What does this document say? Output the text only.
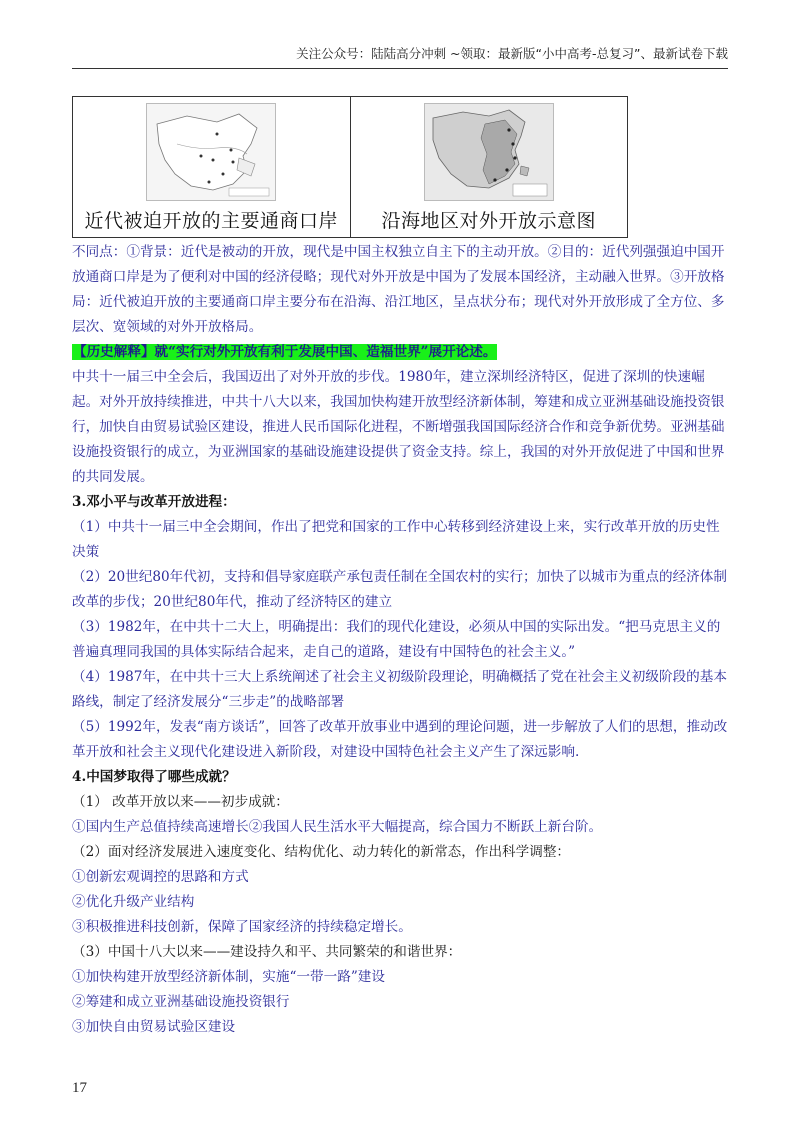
关注公众号：陆陆高分冲刺 ~领取：最新版“小中高考-总复习”、最新试卷下载
近代被迫开放的主要通商口岸	沿海地区对外开放示意图

不同点：①背景：近代是被动的开放，现代是中国主权独立自主下的主动开放。②目的：近代列强强迫中国开放通商口岸是为了便利对中国的经济侵略；现代对外开放是中国为了发展本国经济，主动融入世界。③开放格局：近代被迫开放的主要通商口岸主要分布在沿海、沿江地区，呈点状分布；现代对外开放形成了全方位、多层次、宽领域的对外开放格局。

【历史解释】就“实行对外开放有利于发展中国、造福世界”展开论述。

中共十一届三中全会后，我国迈出了对外开放的步伐。1980年，建立深圳经济特区，促进了深圳的快速崛起。对外开放持续推进，中共十八大以来，我国加快构建开放型经济新体制，筹建和成立亚洲基础设施投资银行，加快自由贸易试验区建设，推进人民币国际化进程，不断增强我国国际经济合作和竞争新优势。亚洲基础设施投资银行的成立，为亚洲国家的基础设施建设提供了资金支持。综上，我国的对外开放促进了中国和世界的共同发展。

3.邓小平与改革开放进程：

（1）中共十一届三中全会期间，作出了把党和国家的工作中心转移到经济建设上来，实行改革开放的历史性决策

（2）20世纪80年代初，支持和倡导家庭联产承包责任制在全国农村的实行；加快了以城市为重点的经济体制改革的步伐；20世纪80年代，推动了经济特区的建立

（3）1982年，在中共十二大上，明确提出：我们的现代化建设，必须从中国的实际出发。“把马克思主义的普遍真理同我国的具体实际结合起来，走自己的道路，建设有中国特色的社会主义。”

（4）1987年，在中共十三大上系统阐述了社会主义初级阶段理论，明确概括了党在社会主义初级阶段的基本路线，制定了经济发展分“三步走”的战略部署

（5）1992年，发表“南方谈话”，回答了改革开放事业中遇到的理论问题，进一步解放了人们的思想，推动改革开放和社会主义现代化建设进入新阶段，对建设中国特色社会主义产生了深远影响.

4.中国梦取得了哪些成就？

（1） 改革开放以来——初步成就：

①国内生产总值持续高速增长②我国人民生活水平大幅提高，综合国力不断跃上新台阶。

（2）面对经济发展进入速度变化、结构优化、动力转化的新常态，作出科学调整：

①创新宏观调控的思路和方式

②优化升级产业结构

③积极推进科技创新，保障了国家经济的持续稳定增长。

（3）中国十八大以来——建设持久和平、共同繁荣的和谐世界：

①加快构建开放型经济新体制，实施“一带一路”建设

②筹建和成立亚洲基础设施投资银行

③加快自由贸易试验区建设

17
